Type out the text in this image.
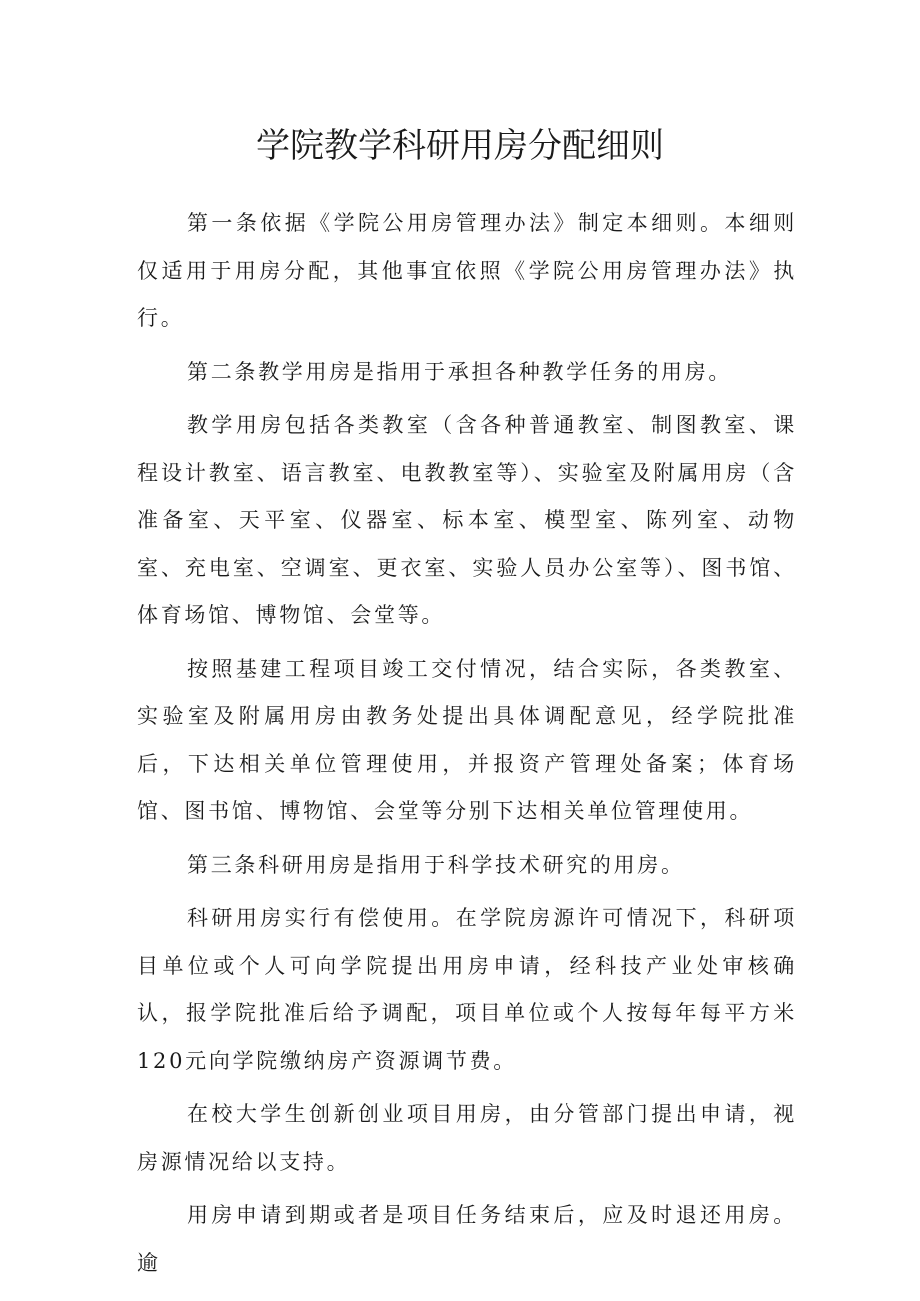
学院教学科研用房分配细则

第一条依据《学院公用房管理办法》制定本细则。本细则仅适用于用房分配，其他事宜依照《学院公用房管理办法》执行。

第二条教学用房是指用于承担各种教学任务的用房。

教学用房包括各类教室（含各种普通教室、制图教室、课程设计教室、语言教室、电教教室等）、实验室及附属用房（含准备室、天平室、仪器室、标本室、模型室、陈列室、动物室、充电室、空调室、更衣室、实验人员办公室等）、图书馆、体育场馆、博物馆、会堂等。

按照基建工程项目竣工交付情况，结合实际，各类教室、实验室及附属用房由教务处提出具体调配意见，经学院批准后，下达相关单位管理使用，并报资产管理处备案；体育场馆、图书馆、博物馆、会堂等分别下达相关单位管理使用。

第三条科研用房是指用于科学技术研究的用房。

科研用房实行有偿使用。在学院房源许可情况下，科研项目单位或个人可向学院提出用房申请，经科技产业处审核确认，报学院批准后给予调配，项目单位或个人按每年每平方米120元向学院缴纳房产资源调节费。

在校大学生创新创业项目用房，由分管部门提出申请，视房源情况给以支持。

用房申请到期或者是项目任务结束后，应及时退还用房。逾
